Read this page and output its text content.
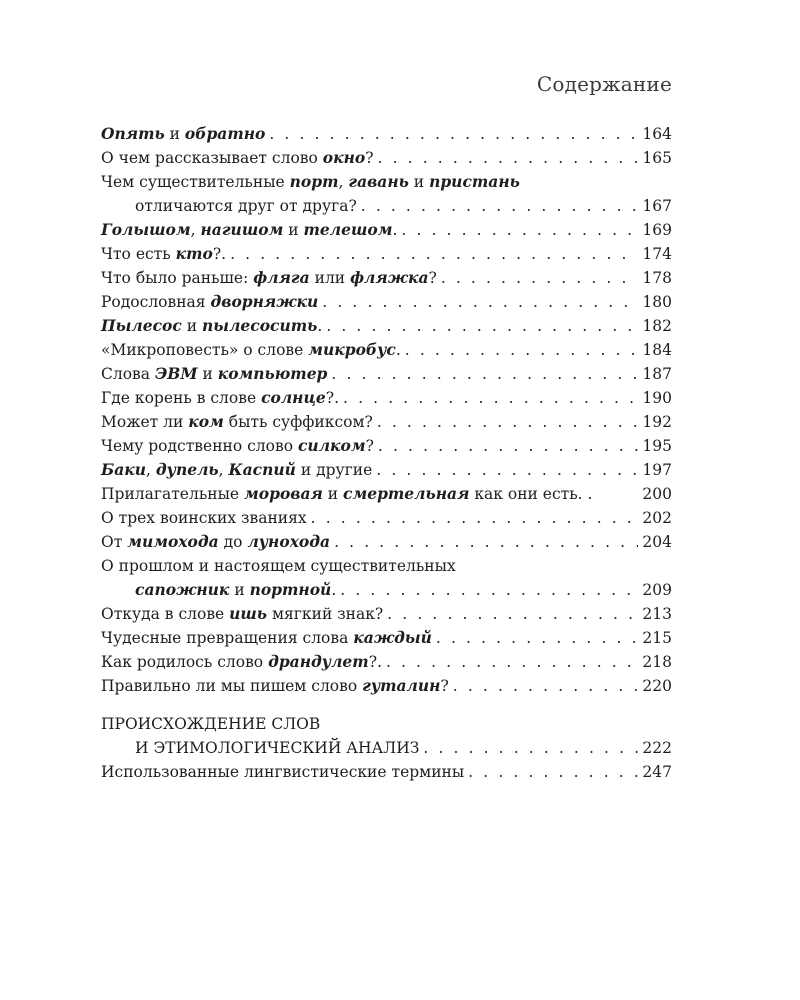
Содержание
Опять и обратно . . .	164
О чем рассказывает слово окно? . . .	165
Чем существительные порт, гавань и пристань
отличаются друг от друга? . . .	167
Голышом, нагишом и телешом. . . .	169
Что есть кто?. . . .	174
Что было раньше: фляга или фляжка? . . .	178
Родословная дворняжки . . .	180
Пылесос и пылесосить. . . .	182
«Микроповесть» о слове микробус. . . .	184
Слова ЭВМ и компьютер . . .	187
Где корень в слове солнце?. . . .	190
Может ли ком быть суффиксом? . . .	192
Чему родственно слово силком? . . .	195
Баки, дупель, Каспий и другие . . .	197
Прилагательные моровая и смертельная как они есть. .	200
О трех воинских званиях . . .	202
От мимохода до лунохода . . .	204
О прошлом и настоящем существительных
сапожник и портной. . . .	209
Откуда в слове ишь мягкий знак? . . .	213
Чудесные превращения слова каждый . . .	215
Как родилось слово драндулет?. . . .	218
Правильно ли мы пишем слово гуталин? . . .	220
ПРОИСХОЖДЕНИЕ СЛОВ
И ЭТИМОЛОГИЧЕСКИЙ АНАЛИЗ . . .	222
Использованные лингвистические термины . . .	247
